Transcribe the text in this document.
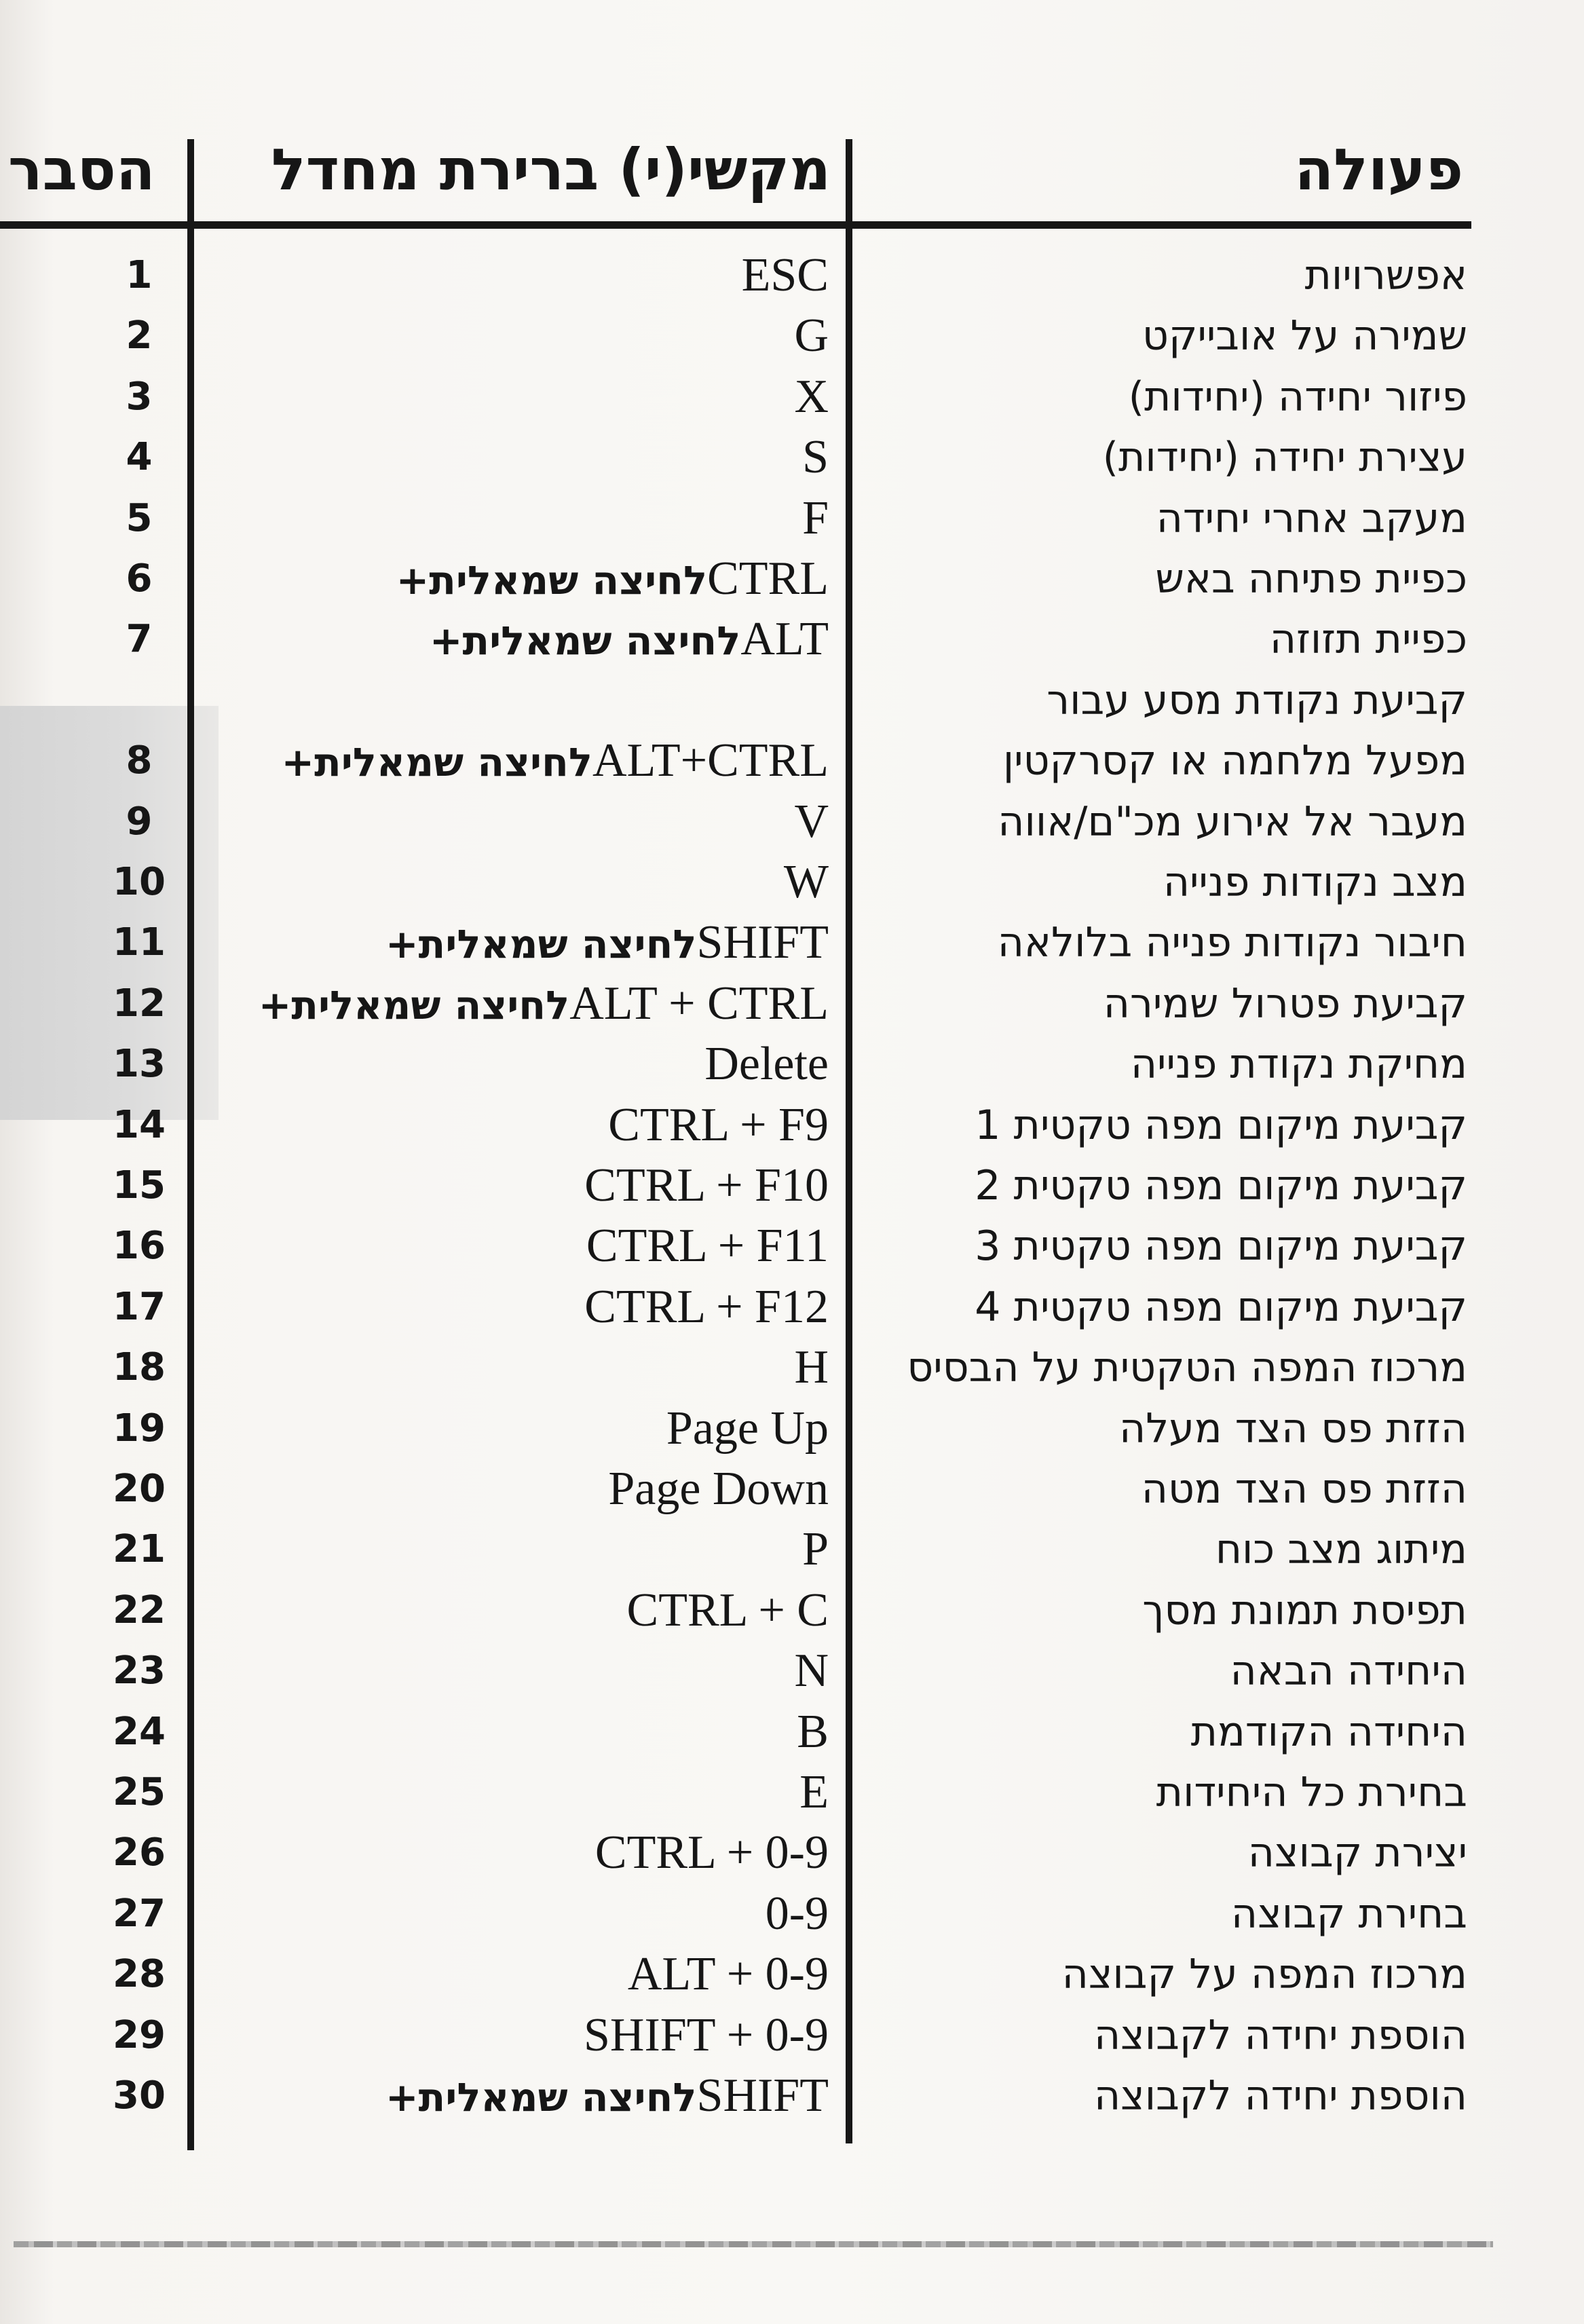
פעולה
מקשי(י) ברירת מחדל
הסבר
אפשרויות
ESC
1
שמירה על אובייקט
G
2
פיזור יחידה (יחידות)
X
3
עצירת יחידה (יחידות)
S
4
מעקב אחרי יחידה
F
5
כפיית פתיחה באש
לחיצה שמאלית+CTRL
6
כפיית תזוזה
לחיצה שמאלית+ALT
7
קביעת נקודת מסע עבור
מפעל מלחמה או קסרקטין
לחיצה שמאלית+ALT+CTRL
8
מעבר אל אירוע מכ"ם/אווה
V
9
מצב נקודות פנייה
W
10
חיבור נקודות פנייה בלולאה
לחיצה שמאלית+SHIFT
11
קביעת פטרול שמירה
לחיצה שמאלית+ALT + CTRL
12
מחיקת נקודת פנייה
Delete
13
קביעת מיקום מפה טקטית 1
CTRL + F9
14
קביעת מיקום מפה טקטית 2
CTRL + F10
15
קביעת מיקום מפה טקטית 3
CTRL + F11
16
קביעת מיקום מפה טקטית 4
CTRL + F12
17
מרכוז המפה הטקטית על הבסיס
H
18
הזזת פס הצד מעלה
Page Up
19
הזזת פס הצד מטה
Page Down
20
מיתוג מצב כוח
P
21
תפיסת תמונת מסך
CTRL + C
22
היחידה הבאה
N
23
היחידה הקודמת
B
24
בחירת כל היחידות
E
25
יצירת קבוצה
CTRL + 0-9
26
בחירת קבוצה
0-9
27
מרכוז המפה על קבוצה
ALT + 0-9
28
הוספת יחידה לקבוצה
SHIFT + 0-9
29
הוספת יחידה לקבוצה
לחיצה שמאלית+SHIFT
30
